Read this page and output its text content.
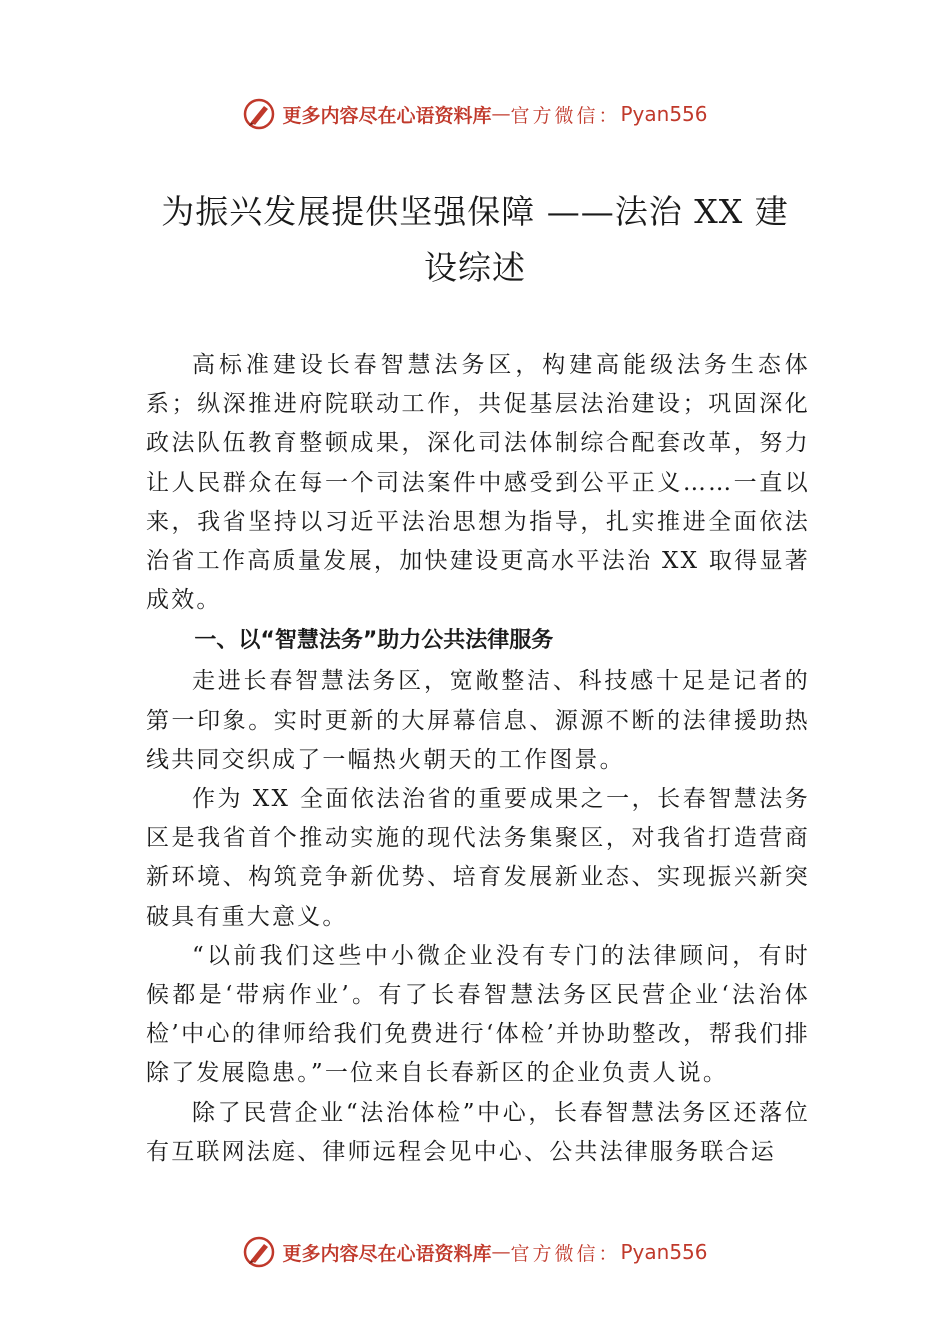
更多内容尽在心语资料库 — 官方微信： Pyan556
为振兴发展提供坚强保障 ——法治 XX 建
设综述

高标准建设长春智慧法务区，构建高能级法务生态体系；纵深推进府院联动工作，共促基层法治建设；巩固深化政法队伍教育整顿成果，深化司法体制综合配套改革，努力让人民群众在每一个司法案件中感受到公平正义……一直以来，我省坚持以习近平法治思想为指导，扎实推进全面依法治省工作高质量发展，加快建设更高水平法治 XX 取得显著成效。

一、以“智慧法务”助力公共法律服务

走进长春智慧法务区，宽敞整洁、科技感十足是记者的第一印象。实时更新的大屏幕信息、源源不断的法律援助热线共同交织成了一幅热火朝天的工作图景。

作为 XX 全面依法治省的重要成果之一，长春智慧法务区是我省首个推动实施的现代法务集聚区，对我省打造营商新环境、构筑竞争新优势、培育发展新业态、实现振兴新突破具有重大意义。

“以前我们这些中小微企业没有专门的法律顾问，有时候都是‘带病作业’。有了长春智慧法务区民营企业‘法治体检’中心的律师给我们免费进行‘体检’并协助整改，帮我们排除了发展隐患。”一位来自长春新区的企业负责人说。

除了民营企业“法治体检”中心，长春智慧法务区还落位有互联网法庭、律师远程会见中心、公共法律服务联合运

更多内容尽在心语资料库 — 官方微信： Pyan556
